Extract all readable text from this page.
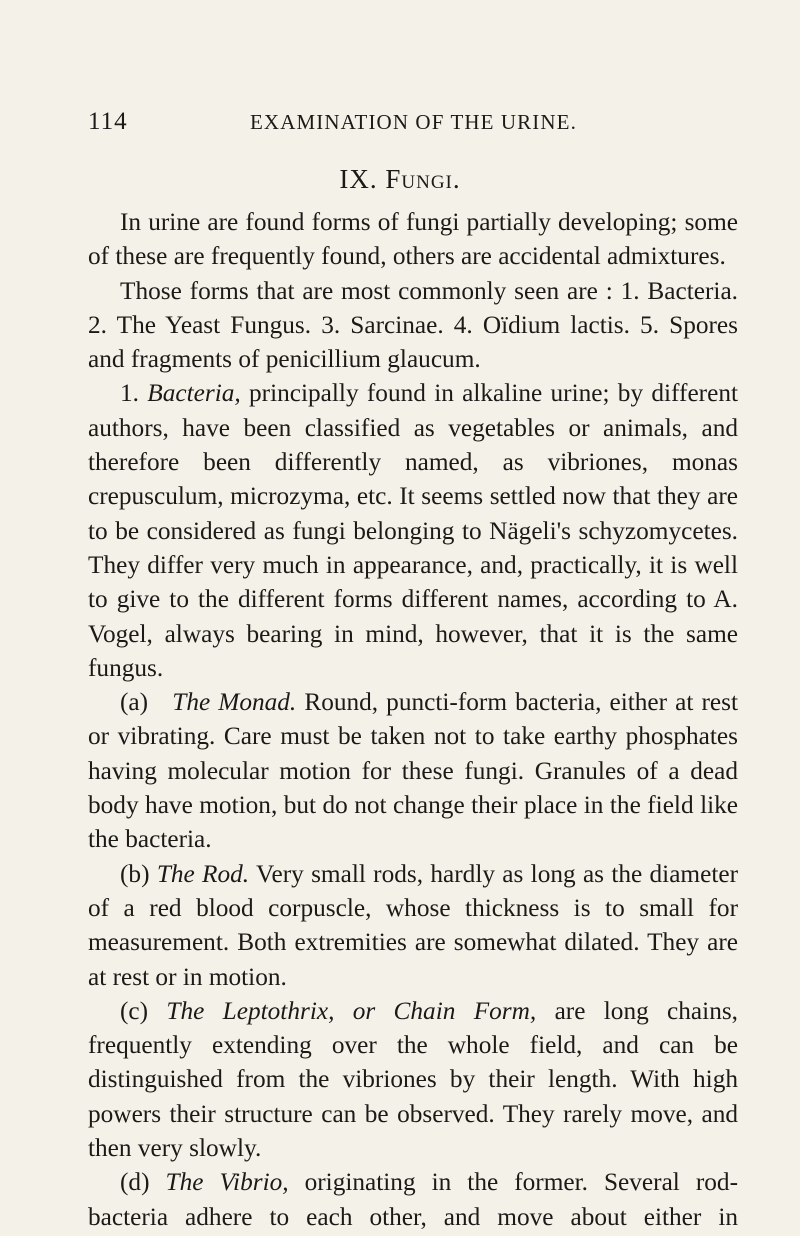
114	EXAMINATION OF THE URINE.
IX. Fungi.

In urine are found forms of fungi partially developing; some of these are frequently found, others are accidental admixtures.

Those forms that are most commonly seen are : 1. Bacteria. 2. The Yeast Fungus. 3. Sarcinae. 4. Oïdium lactis. 5. Spores and fragments of penicillium glaucum.

1. Bacteria, principally found in alkaline urine; by different authors, have been classified as vegetables or animals, and therefore been differently named, as vibriones, monas crepusculum, microzyma, etc. It seems settled now that they are to be considered as fungi belonging to Nägeli's schyzomycetes. They differ very much in appearance, and, practically, it is well to give to the different forms different names, according to A. Vogel, always bearing in mind, however, that it is the same fungus.

(a) The Monad. Round, puncti-form bacteria, either at rest or vibrating. Care must be taken not to take earthy phosphates having molecular motion for these fungi. Granules of a dead body have motion, but do not change their place in the field like the bacteria.

(b) The Rod. Very small rods, hardly as long as the diameter of a red blood corpuscle, whose thickness is to small for measurement. Both extremities are somewhat dilated. They are at rest or in motion.

(c) The Leptothrix, or Chain Form, are long chains, frequently extending over the whole field, and can be distinguished from the vibriones by their length. With high powers their structure can be observed. They rarely move, and then very slowly.

(d) The Vibrio, originating in the former. Several rod-bacteria adhere to each other, and move about either in
